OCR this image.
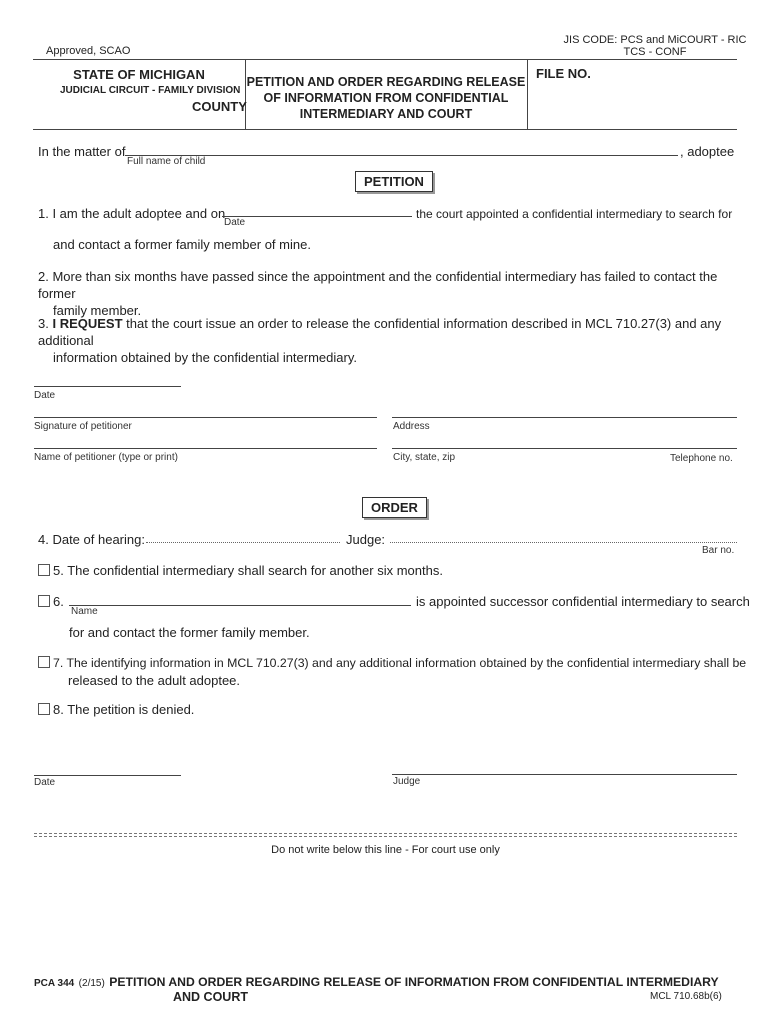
Approved, SCAO
JIS CODE: PCS and MiCOURT - RIC
TCS - CONF
STATE OF MICHIGAN
JUDICIAL CIRCUIT - FAMILY DIVISION
COUNTY
PETITION AND ORDER REGARDING RELEASE
OF INFORMATION FROM CONFIDENTIAL
INTERMEDIARY AND COURT
FILE NO.
In the matter of
Full name of child
, adoptee
PETITION
1. I am the adult adoptee and on
Date
the court appointed a confidential intermediary to search for
and contact a former family member of mine.
2. More than six months have passed since the appointment and the confidential intermediary has failed to contact the former
family member.
3. I REQUEST that the court issue an order to release the confidential information described in MCL 710.27(3) and any additional
information obtained by the confidential intermediary.
Date
Signature of petitioner	Address
Name of petitioner (type or print)	City, state, zip	Telephone no.
ORDER
4. Date of hearing:	Judge:
Bar no.
5. The confidential intermediary shall search for another six months.
6.
Name
is appointed successor confidential intermediary to search
for and contact the former family member.
7. The identifying information in MCL 710.27(3) and any additional information obtained by the confidential intermediary shall be
released to the adult adoptee.
8. The petition is denied.
Date	Judge
Do not write below this line - For court use only
PCA 344 (2/15) PETITION AND ORDER REGARDING RELEASE OF INFORMATION FROM CONFIDENTIAL INTERMEDIARY
AND COURT	MCL 710.68b(6)
